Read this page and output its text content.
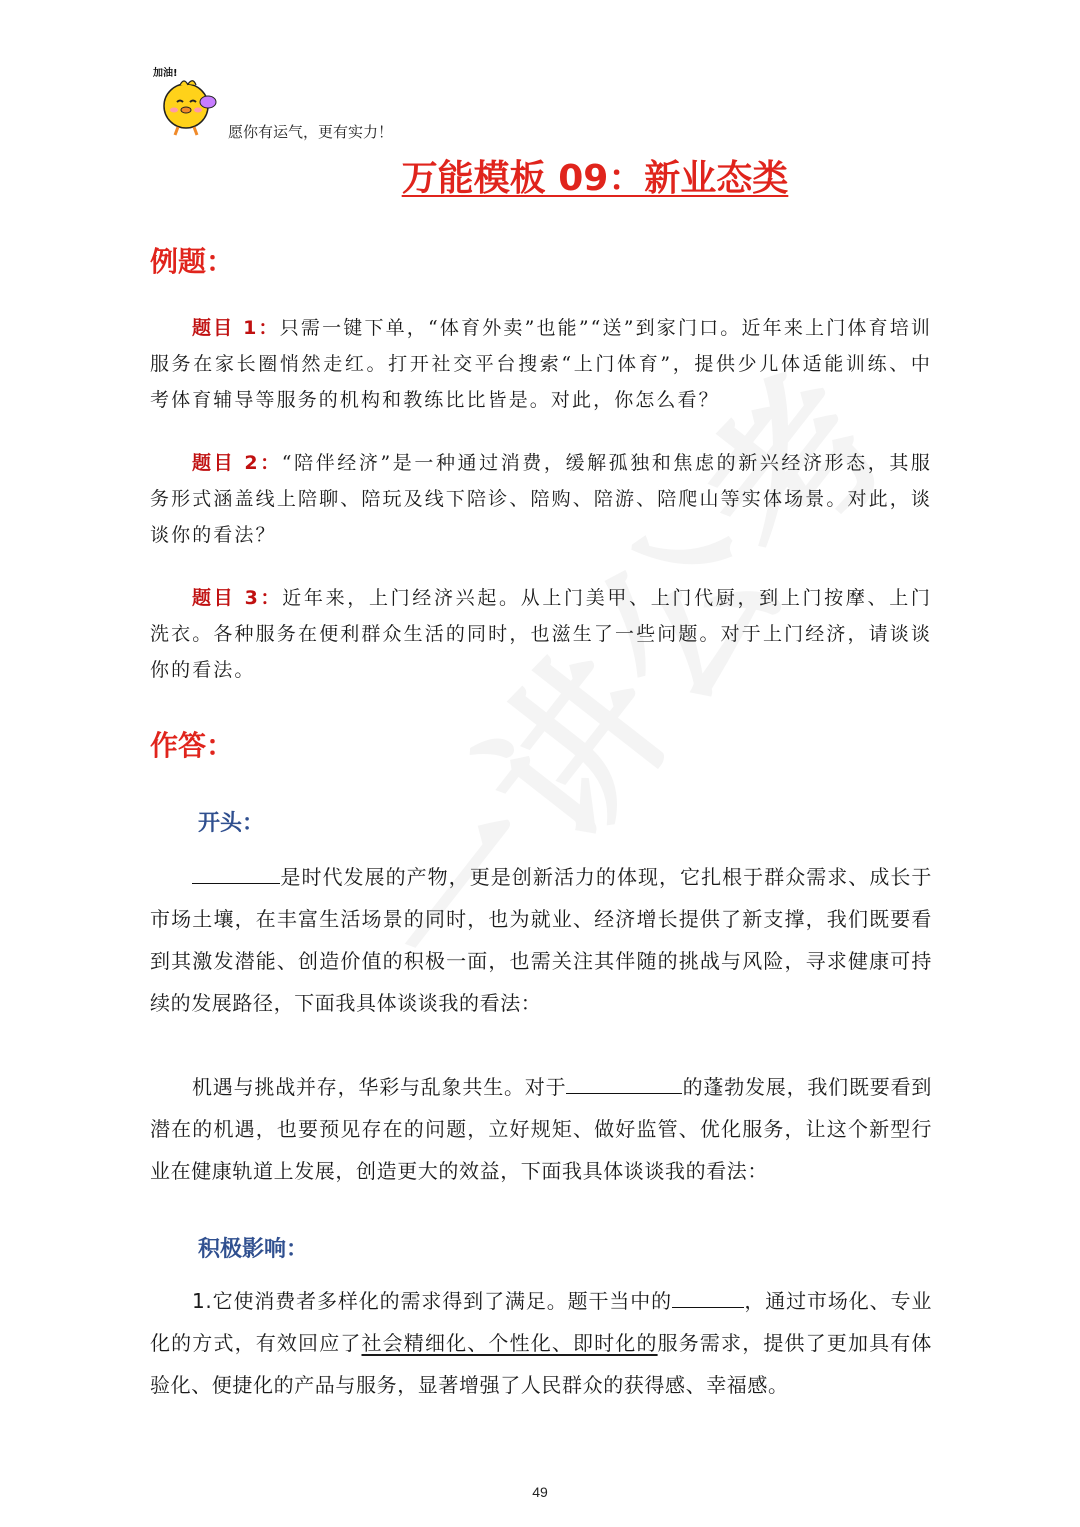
加油!
愿你有运气，更有实力！
万能模板 09：新业态类
例题：
题目 1：只需一键下单，“体育外卖”也能”“送”到家门口。近年来上门体育培训服务在家长圈悄然走红。打开社交平台搜索“上门体育”，提供少儿体适能训练、中考体育辅导等服务的机构和教练比比皆是。对此，你怎么看？
题目 2：“陪伴经济”是一种通过消费，缓解孤独和焦虑的新兴经济形态，其服务形式涵盖线上陪聊、陪玩及线下陪诊、陪购、陪游、陪爬山等实体场景。对此，谈谈你的看法？
题目 3：近年来，上门经济兴起。从上门美甲、上门代厨，到上门按摩、上门洗衣。各种服务在便利群众生活的同时，也滋生了一些问题。对于上门经济，请谈谈你的看法。
作答：
开头：
是时代发展的产物，更是创新活力的体现，它扎根于群众需求、成长于市场土壤，在丰富生活场景的同时，也为就业、经济增长提供了新支撑，我们既要看到其激发潜能、创造价值的积极一面，也需关注其伴随的挑战与风险，寻求健康可持续的发展路径，下面我具体谈谈我的看法：
机遇与挑战并存，华彩与乱象共生。对于	的蓬勃发展，我们既要看到潜在的机遇，也要预见存在的问题，立好规矩、做好监管、优化服务，让这个新型行业在健康轨道上发展，创造更大的效益，下面我具体谈谈我的看法：
积极影响：
1.它使消费者多样化的需求得到了满足。题干当中的	，通过市场化、专业化的方式，有效回应了社会精细化、个性化、即时化的服务需求，提供了更加具有体验化、便捷化的产品与服务，显著增强了人民群众的获得感、幸福感。
49
